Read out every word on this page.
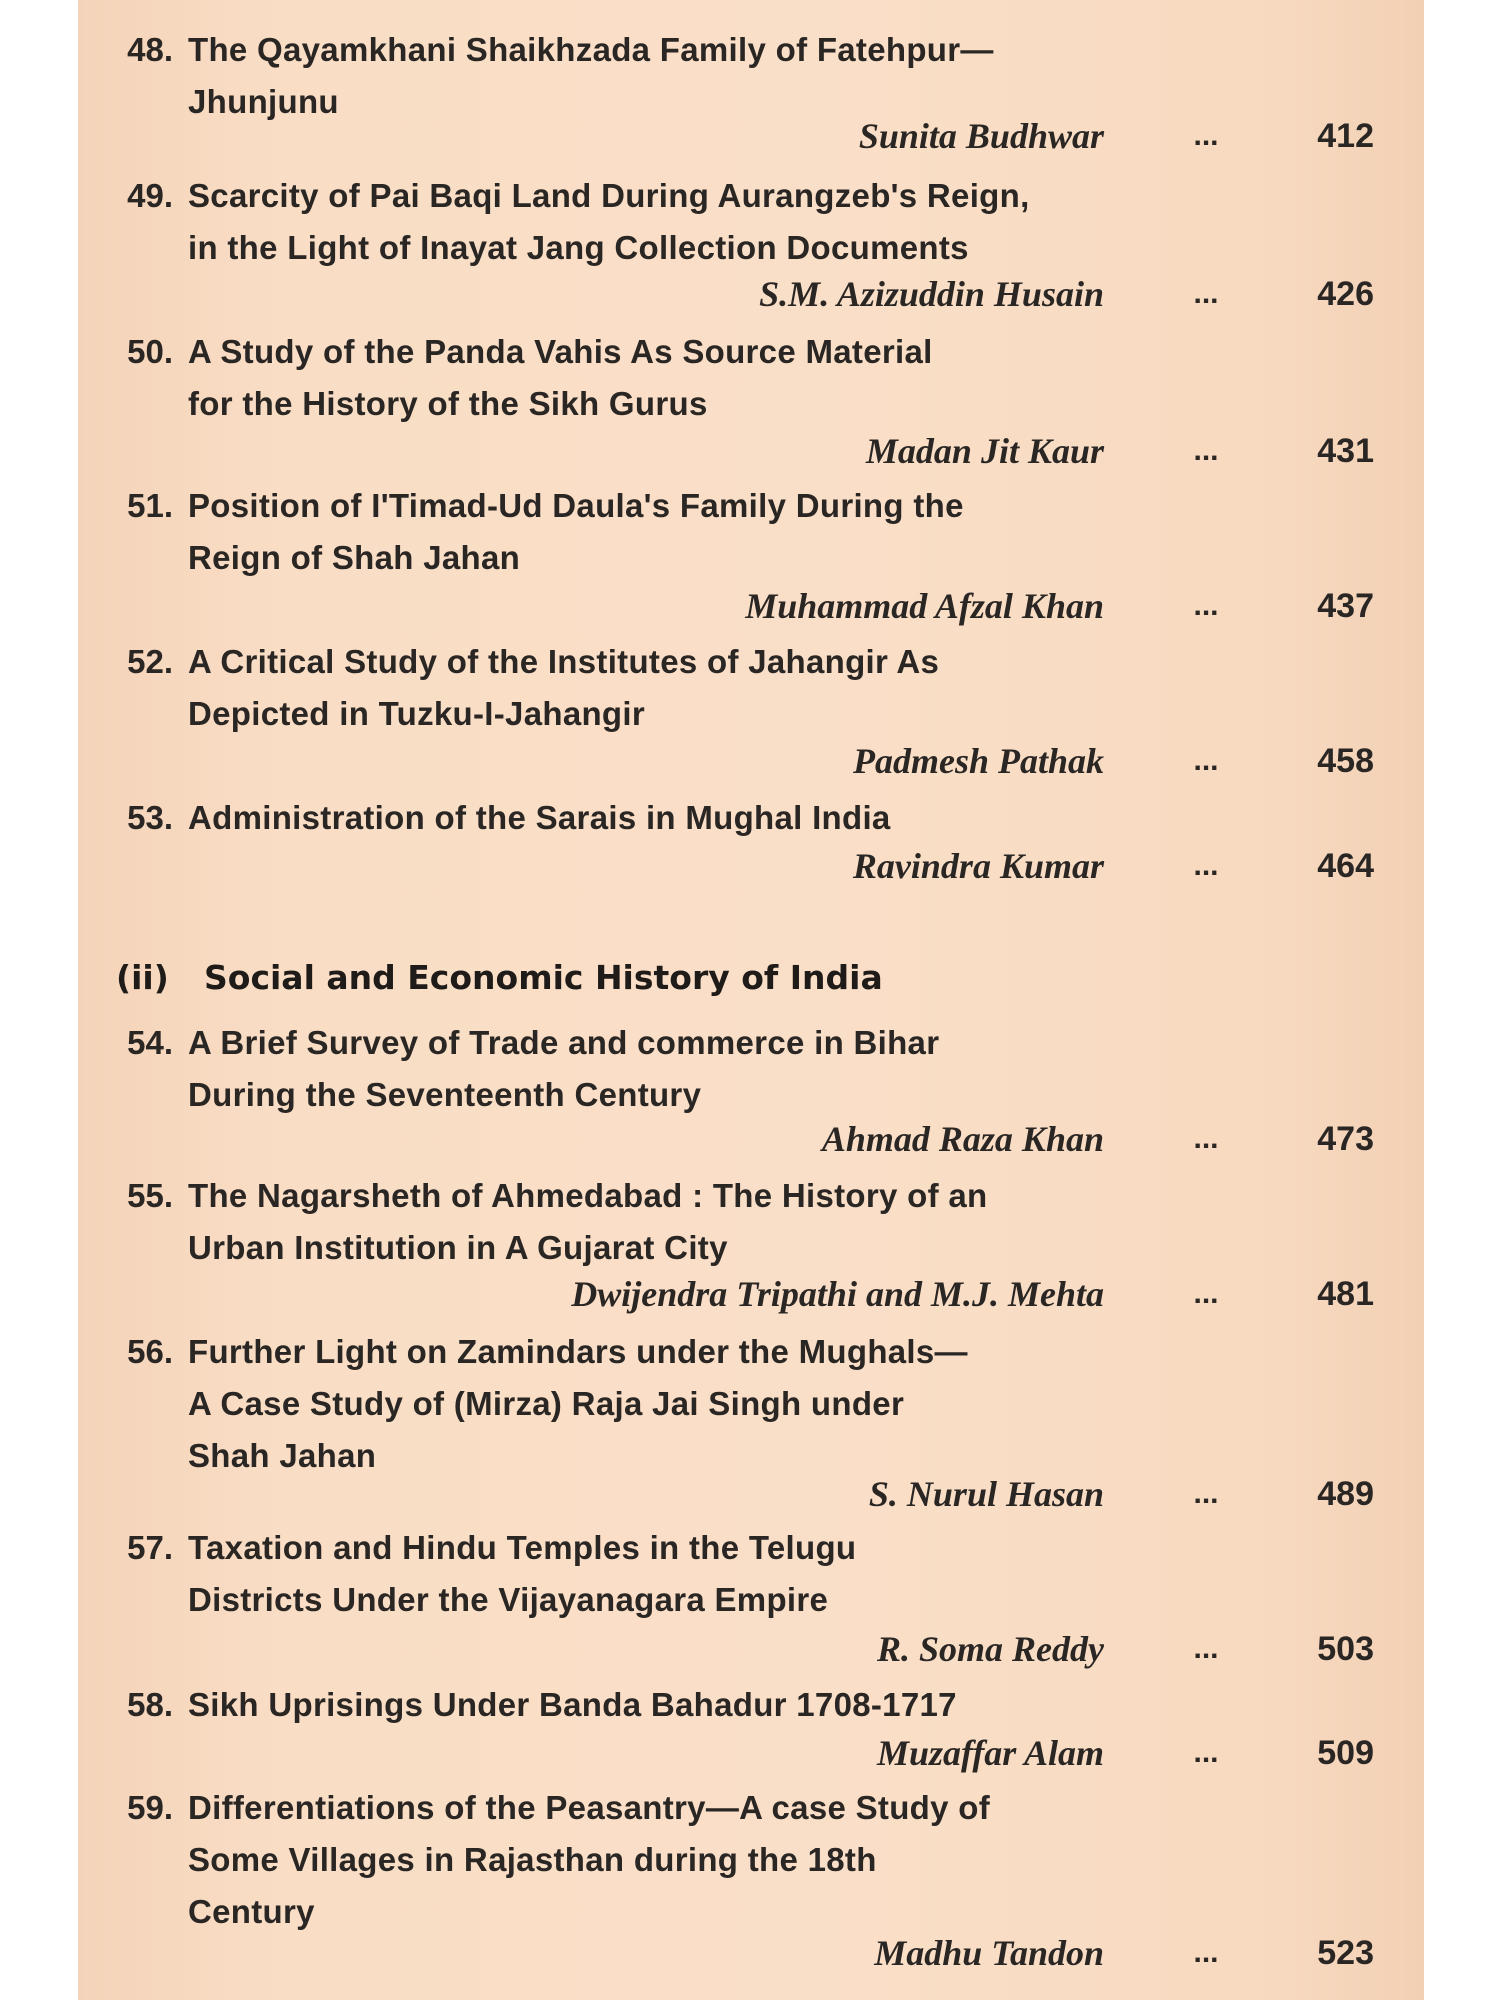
48. The Qayamkhani Shaikhzada Family of Fatehpur—
Jhunjunu
Sunita Budhwar	...	412
49. Scarcity of Pai Baqi Land During Aurangzeb's Reign,
in the Light of Inayat Jang Collection Documents
S.M. Azizuddin Husain	...	426
50. A Study of the Panda Vahis As Source Material
for the History of the Sikh Gurus
Madan Jit Kaur	...	431
51. Position of I'Timad-Ud Daula's Family During the
Reign of Shah Jahan
Muhammad Afzal Khan	...	437
52. A Critical Study of the Institutes of Jahangir As
Depicted in Tuzku-I-Jahangir
Padmesh Pathak	...	458
53. Administration of the Sarais in Mughal India
Ravindra Kumar	...	464
(ii) Social and Economic History of India
54. A Brief Survey of Trade and commerce in Bihar
During the Seventeenth Century
Ahmad Raza Khan	...	473
55. The Nagarsheth of Ahmedabad : The History of an
Urban Institution in A Gujarat City
Dwijendra Tripathi and M.J. Mehta	...	481
56. Further Light on Zamindars under the Mughals—
A Case Study of (Mirza) Raja Jai Singh under
Shah Jahan
S. Nurul Hasan	...	489
57. Taxation and Hindu Temples in the Telugu
Districts Under the Vijayanagara Empire
R. Soma Reddy	...	503
58. Sikh Uprisings Under Banda Bahadur 1708-1717
Muzaffar Alam	...	509
59. Differentiations of the Peasantry—A case Study of
Some Villages in Rajasthan during the 18th
Century
Madhu Tandon	...	523
